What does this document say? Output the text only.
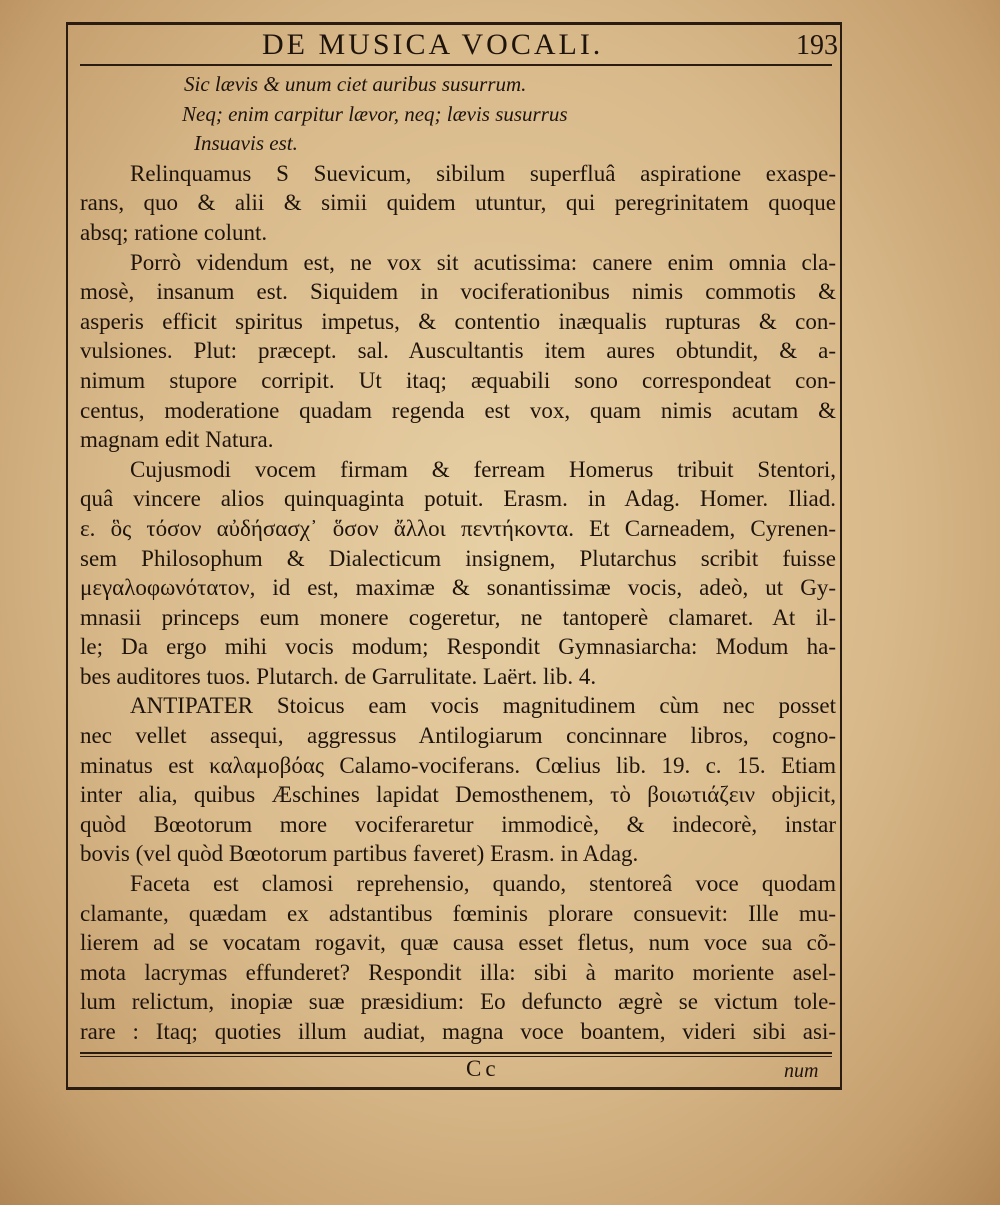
DE MUSICA VOCALI.	193
Sic lævis & unum ciet auribus susurrum.
Neq; enim carpitur lævor, neq; lævis susurrus
Insuavis est.
Relinquamus S Suevicum, sibilum superfluâ aspiratione exaspe-
rans, quo & alii & simii quidem utuntur, qui peregrinitatem quoque
absq; ratione colunt.
Porrò videndum est, ne vox sit acutissima: canere enim omnia cla-
mosè, insanum est. Siquidem in vociferationibus nimis commotis &
asperis efficit spiritus impetus, & contentio inæqualis rupturas & con-
vulsiones. Plut: præcept. sal. Auscultantis item aures obtundit, & a-
nimum stupore corripit. Ut itaq; æquabili sono correspondeat con-
centus, moderatione quadam regenda est vox, quam nimis acutam &
magnam edit Natura.
Cujusmodi vocem firmam & ferream Homerus tribuit Stentori,
quâ vincere alios quinquaginta potuit. Erasm. in Adag. Homer. Iliad.
ε. ὃς τόσον αὐδήσασχ᾽ ὅσον ἄλλοι πεντήκοντα. Et Carneadem, Cyrenen-
sem Philosophum & Dialecticum insignem, Plutarchus scribit fuisse
μεγαλοφωνότατον, id est, maximæ & sonantissimæ vocis, adeò, ut Gy-
mnasii princeps eum monere cogeretur, ne tantoperè clamaret. At il-
le; Da ergo mihi vocis modum; Respondit Gymnasiarcha: Modum ha-
bes auditores tuos. Plutarch. de Garrulitate. Laërt. lib. 4.
ANTIPATER Stoicus eam vocis magnitudinem cùm nec posset
nec vellet assequi, aggressus Antilogiarum concinnare libros, cogno-
minatus est καλαμοβόας Calamo-vociferans. Cœlius lib. 19. c. 15. Etiam
inter alia, quibus Æschines lapidat Demosthenem, τὸ βοιωτιάζειν objicit,
quòd Bœotorum more vociferaretur immodicè, & indecorè, instar
bovis (vel quòd Bœotorum partibus faveret) Erasm. in Adag.
Faceta est clamosi reprehensio, quando, stentoreâ voce quodam
clamante, quædam ex adstantibus fœminis plorare consuevit: Ille mu-
lierem ad se vocatam rogavit, quæ causa esset fletus, num voce sua cõ-
mota lacrymas effunderet? Respondit illa: sibi à marito moriente asel-
lum relictum, inopiæ suæ præsidium: Eo defuncto ægrè se victum tole-
rare : Itaq; quoties illum audiat, magna voce boantem, videri sibi asi-
Cc	num
